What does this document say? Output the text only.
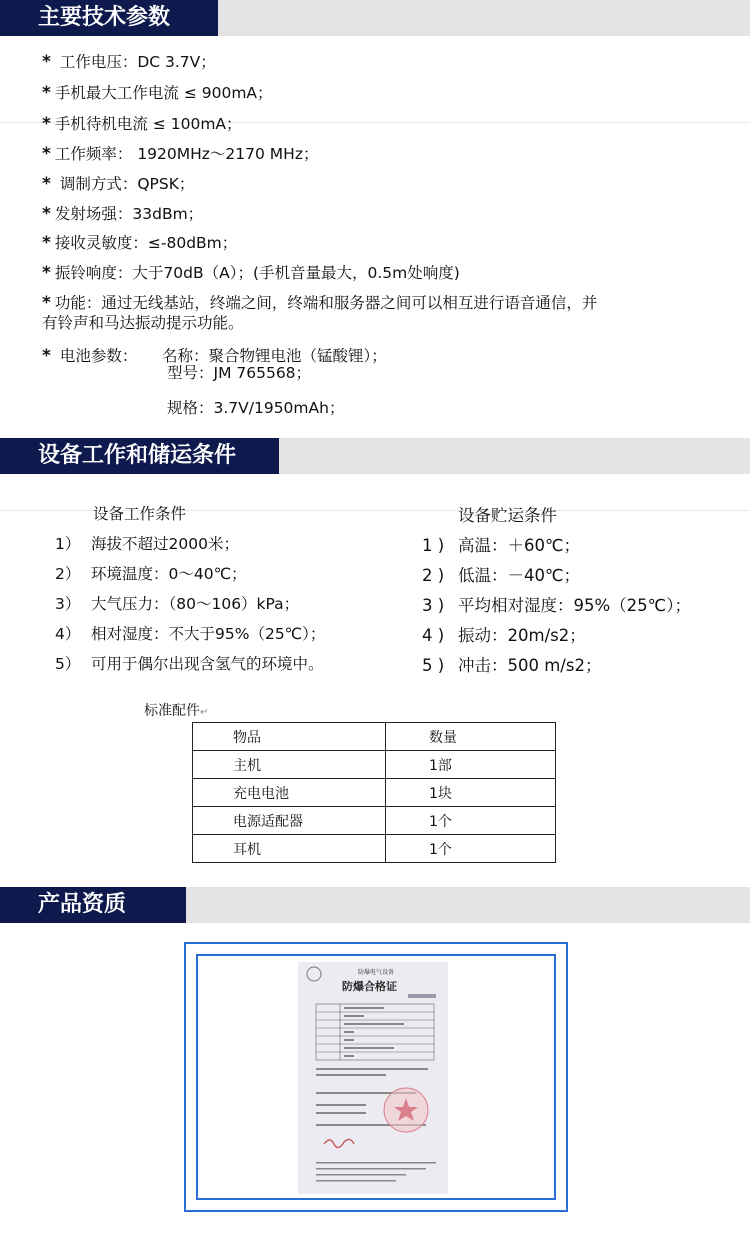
主要技术参数
* 工作电压：DC 3.7V；
* 手机最大工作电流 ≤ 900mA；
* 手机待机电流 ≤ 100mA；
* 工作频率： 1920MHz～2170 MHz；
* 调制方式：QPSK；
* 发射场强：33dBm；
* 接收灵敏度：≤-80dBm；
* 振铃响度：大于70dB（A）；(手机音量最大，0.5m处响度)
* 功能：通过无线基站，终端之间，终端和服务器之间可以相互进行语音通信，并
有铃声和马达振动提示功能。
* 电池参数： 名称：聚合物锂电池（锰酸锂）；
型号：JM 765568；
规格：3.7V/1950mAh；
设备工作和储运条件
设备工作条件
1） 海拔不超过2000米；
2） 环境温度：0～40℃；
3） 大气压力：（80～106）kPa；
4） 相对湿度：不大于95%（25℃）；
5） 可用于偶尔出现含氢气的环境中。
设备贮运条件
1 ) 高温：＋60℃；
2 ) 低温：－40℃；
3 ) 平均相对湿度：95%（25℃）；
4 ) 振动：20m/s2；
5 ) 冲击：500 m/s2；
标准配件↵
物品	数量
主机	1部
充电电池	1块
电源适配器	1个
耳机	1个
产品资质
防爆电气设备
防爆合格证
